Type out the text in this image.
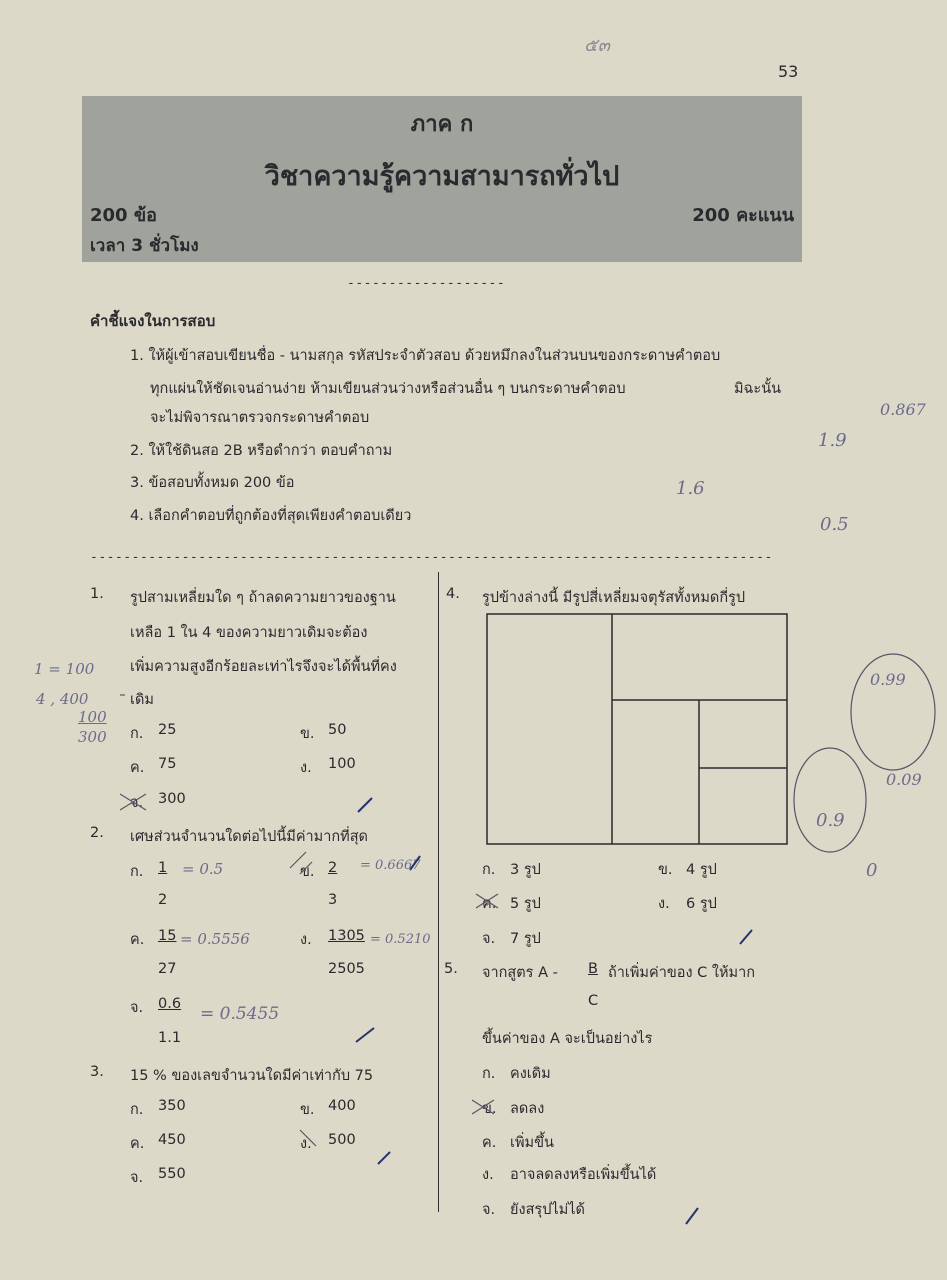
53
๕๓
ภาค ก
วิชาความรู้ความสามารถทั่วไป
200 ข้อ	200 คะแนน
เวลา 3 ชั่วโมง
-------------------
คำชี้แจงในการสอบ
1. ให้ผู้เข้าสอบเขียนชื่อ - นามสกุล รหัสประจำตัวสอบ ด้วยหมึกลงในส่วนบนของกระดาษคำตอบ
ทุกแผ่นให้ชัดเจนอ่านง่าย ห้ามเขียนส่วนว่างหรือส่วนอื่น ๆ บนกระดาษคำตอบ	มิฉะนั้น
จะไม่พิจารณาตรวจกระดาษคำตอบ
2. ให้ใช้ดินสอ 2B หรือดำกว่า ตอบคำถาม
3. ข้อสอบทั้งหมด 200 ข้อ
4. เลือกคำตอบที่ถูกต้องที่สุดเพียงคำตอบเดียว
----------------------------------------------------------------------------------
1. รูปสามเหลี่ยมใด ๆ ถ้าลดความยาวของฐาน
เหลือ 1 ใน 4 ของความยาวเดิมจะต้อง
เพิ่มความสูงอีกร้อยละเท่าไรจึงจะได้พื้นที่คง
เดิม
ก. 25	ข. 50
ค. 75	ง. 100
จ. 300
2. เศษส่วนจำนวนใดต่อไปนี้มีค่ามากที่สุด
ก. 1
2
ข. 2
3
ค. 15
27
ง. 1305
2505
จ. 0.6
1.1
3. 15 % ของเลขจำนวนใดมีค่าเท่ากับ 75
ก. 350	ข. 400
ค. 450	ง. 500
จ. 550
4. รูปข้างล่างนี้ มีรูปสี่เหลี่ยมจตุรัสทั้งหมดกี่รูป
ก. 3 รูป	ข. 4 รูป
ค. 5 รูป	ง. 6 รูป
จ. 7 รูป
5. จากสูตร A - B ถ้าเพิ่มค่าของ C ให้มาก
C
ขึ้นค่าของ A จะเป็นอย่างไร
ก. คงเดิม
ข. ลดลง
ค. เพิ่มขึ้น
ง. อาจลดลงหรือเพิ่มขึ้นได้
จ. ยังสรุปไม่ได้
1 = 100
4 , 400
100
300
= 0.5	= 0.6667
= 0.5556	= 0.5210
= 0.5455
1.6
1.9
0.867
0.5
0.99
0.09
0.9
0
